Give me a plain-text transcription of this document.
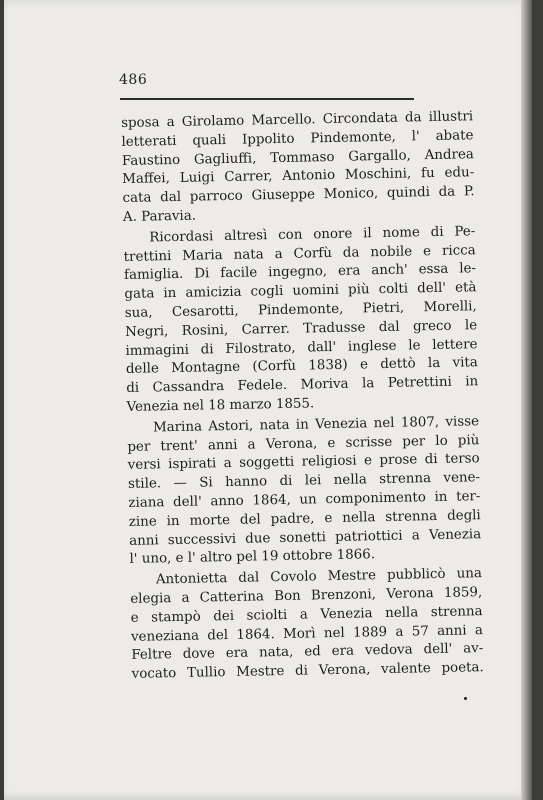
486
sposa a Girolamo Marcello. Circondata da illustri
letterati quali Ippolito Pindemonte, l' abate
Faustino Gagliuffi, Tommaso Gargallo, Andrea
Maffei, Luigi Carrer, Antonio Moschini, fu edu-
cata dal parroco Giuseppe Monico, quindi da P.
A. Paravia.
Ricordasi altresì con onore il nome di Pe-
trettini Maria nata a Corfù da nobile e ricca
famiglia. Di facile ingegno, era anch' essa le-
gata in amicizia cogli uomini più colti dell' età
sua, Cesarotti, Pindemonte, Pietri, Morelli,
Negri, Rosini, Carrer. Tradusse dal greco le
immagini di Filostrato, dall' inglese le lettere
delle Montagne (Corfù 1838) e dettò la vita
di Cassandra Fedele. Moriva la Petrettini in
Venezia nel 18 marzo 1855.
Marina Astori, nata in Venezia nel 1807, visse
per trent' anni a Verona, e scrisse per lo più
versi ispirati a soggetti religiosi e prose di terso
stile. — Si hanno di lei nella strenna vene-
ziana dell' anno 1864, un componimento in ter-
zine in morte del padre, e nella strenna degli
anni successivi due sonetti patriottici a Venezia
l' uno, e l' altro pel 19 ottobre 1866.
Antonietta dal Covolo Mestre pubblicò una
elegia a Catterina Bon Brenzoni, Verona 1859,
e stampò dei sciolti a Venezia nella strenna
veneziana del 1864. Morì nel 1889 a 57 anni a
Feltre dove era nata, ed era vedova dell' av-
vocato Tullio Mestre di Verona, valente poeta.
